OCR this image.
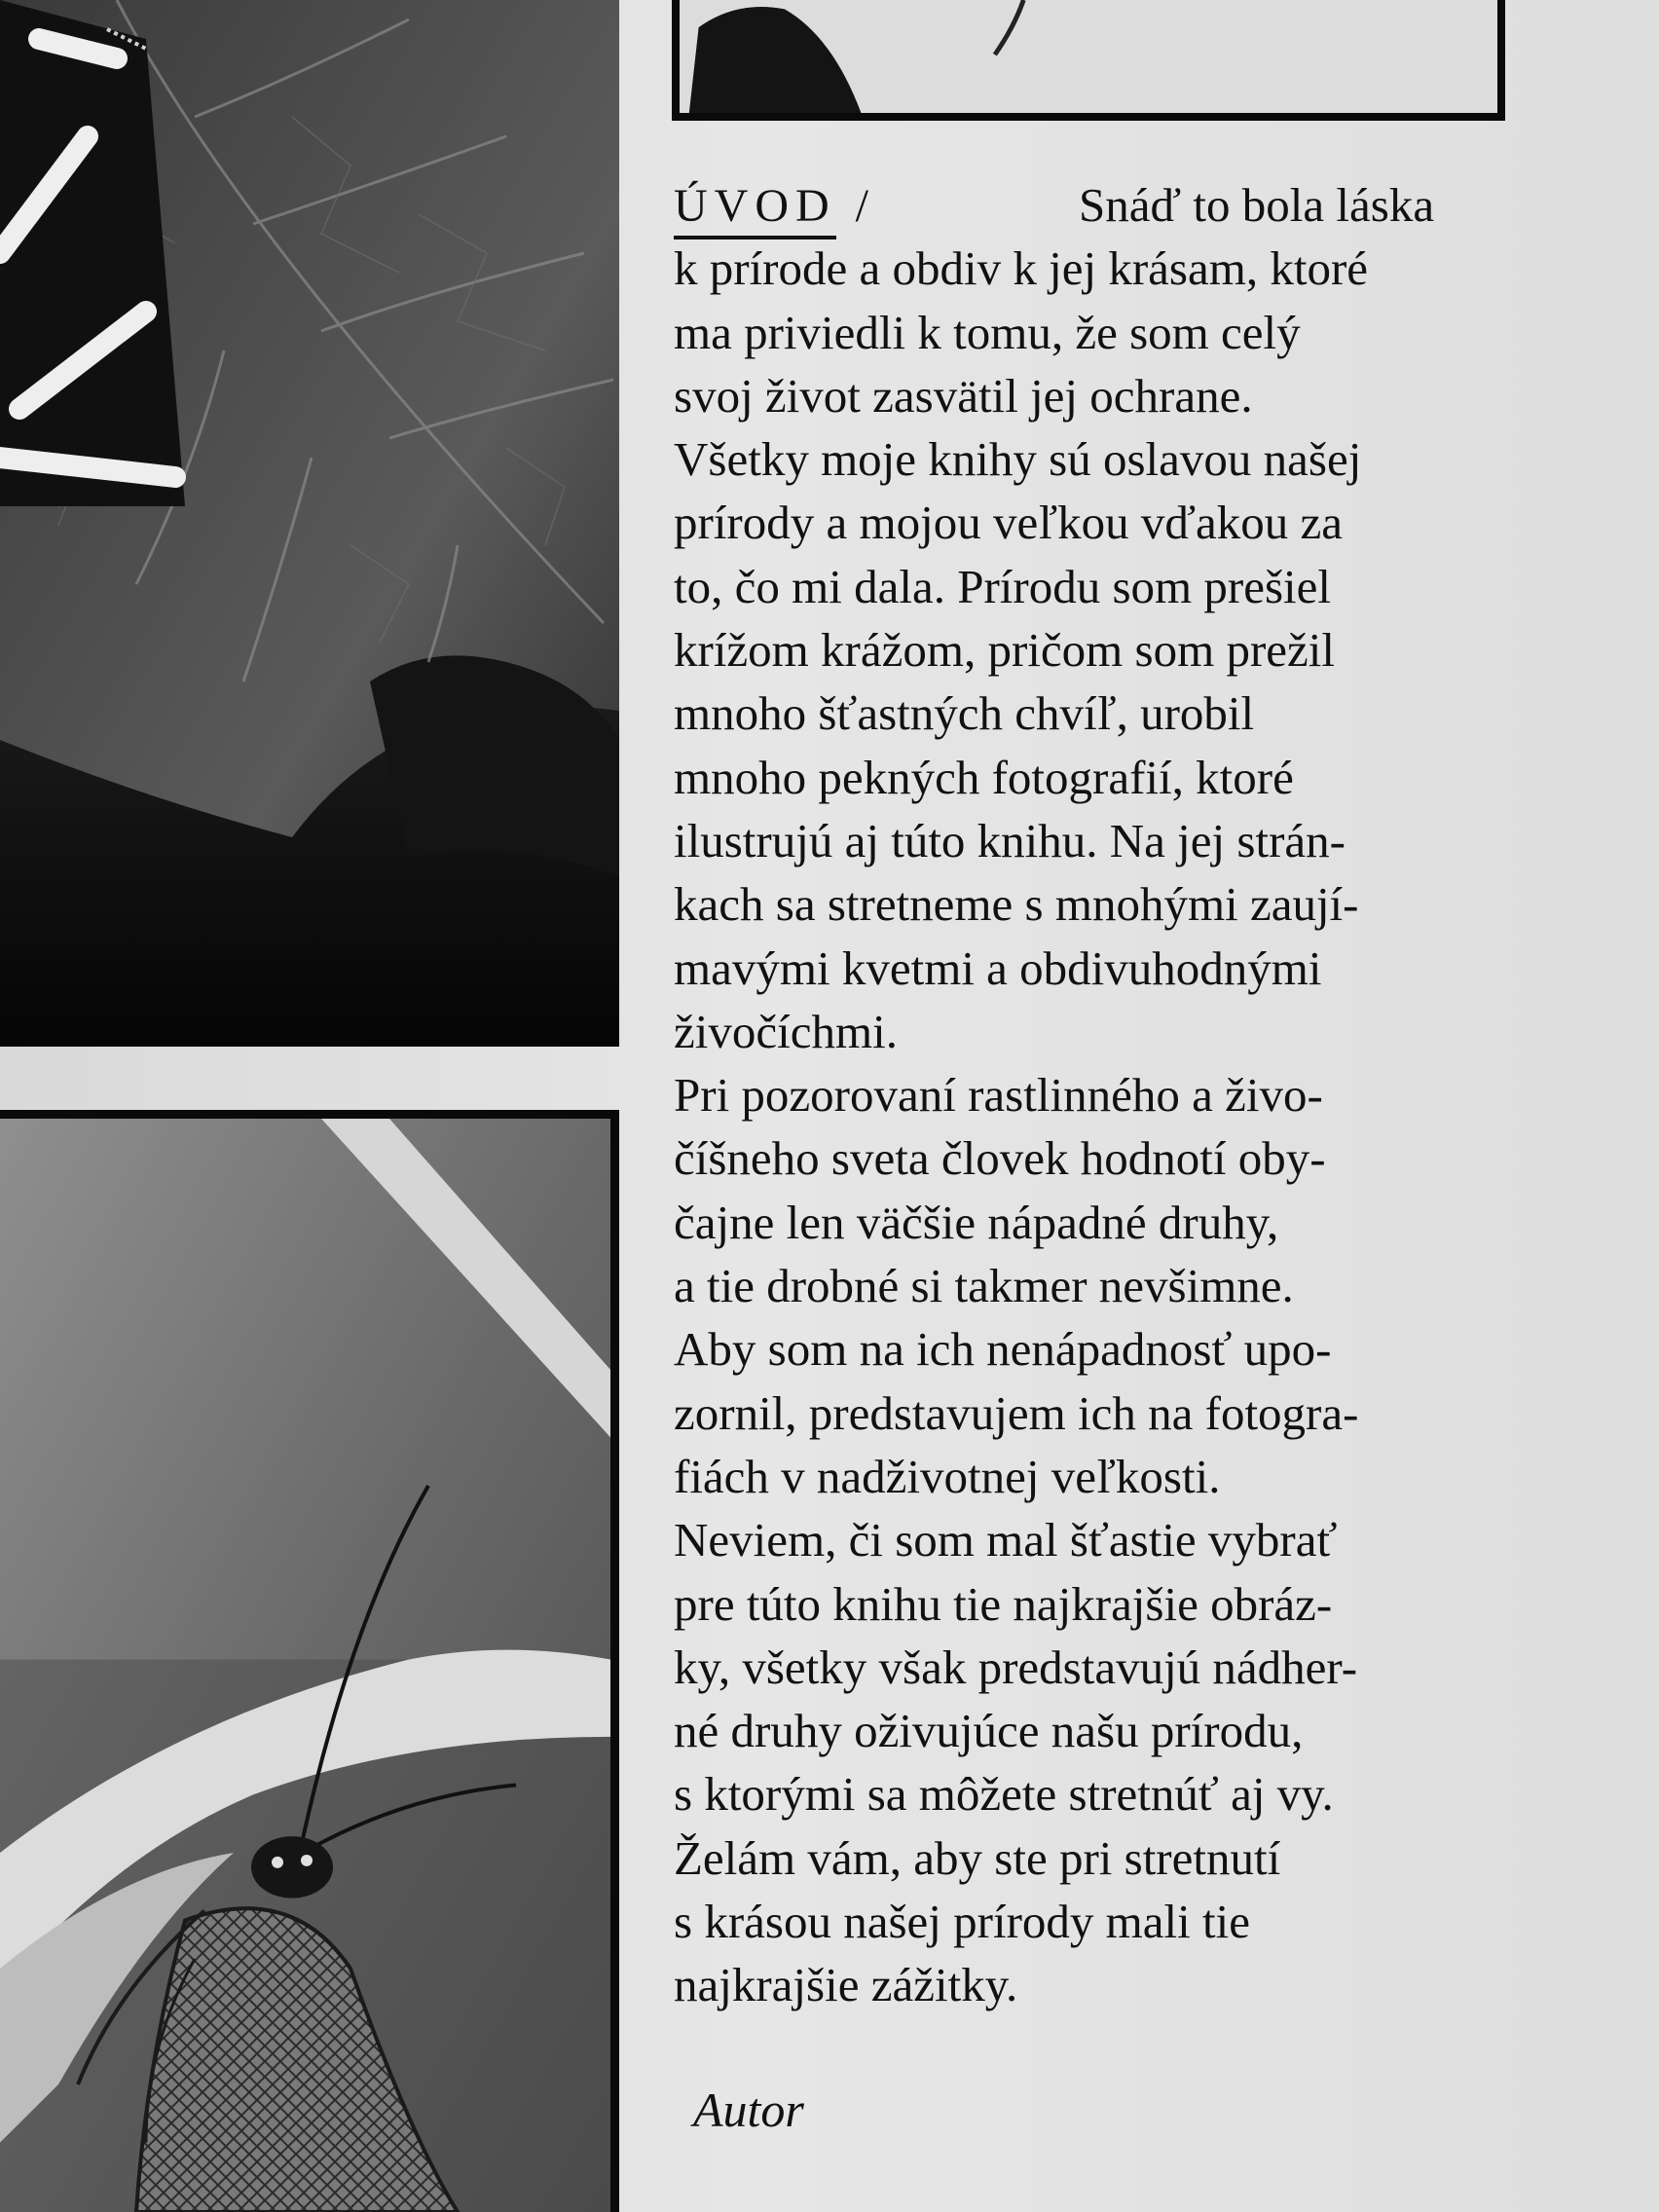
ÚVOD /	Snáď to bola láska
k prírode a obdiv k jej krásam, ktoré
ma priviedli k tomu, že som celý
svoj život zasvätil jej ochrane.
Všetky moje knihy sú oslavou našej
prírody a mojou veľkou vďakou za
to, čo mi dala. Prírodu som prešiel
krížom krážom, pričom som prežil
mnoho šťastných chvíľ, urobil
mnoho pekných fotografií, ktoré
ilustrujú aj túto knihu. Na jej strán-
kach sa stretneme s mnohými zaují-
mavými kvetmi a obdivuhodnými
živočíchmi.
Pri pozorovaní rastlinného a živo-
číšneho sveta človek hodnotí oby-
čajne len väčšie nápadné druhy,
a tie drobné si takmer nevšimne.
Aby som na ich nenápadnosť upo-
zornil, predstavujem ich na fotogra-
fiách v nadživotnej veľkosti.
Neviem, či som mal šťastie vybrať
pre túto knihu tie najkrajšie obráz-
ky, všetky však predstavujú nádher-
né druhy oživujúce našu prírodu,
s ktorými sa môžete stretnúť aj vy.
Želám vám, aby ste pri stretnutí
s krásou našej prírody mali tie
najkrajšie zážitky.
Autor
